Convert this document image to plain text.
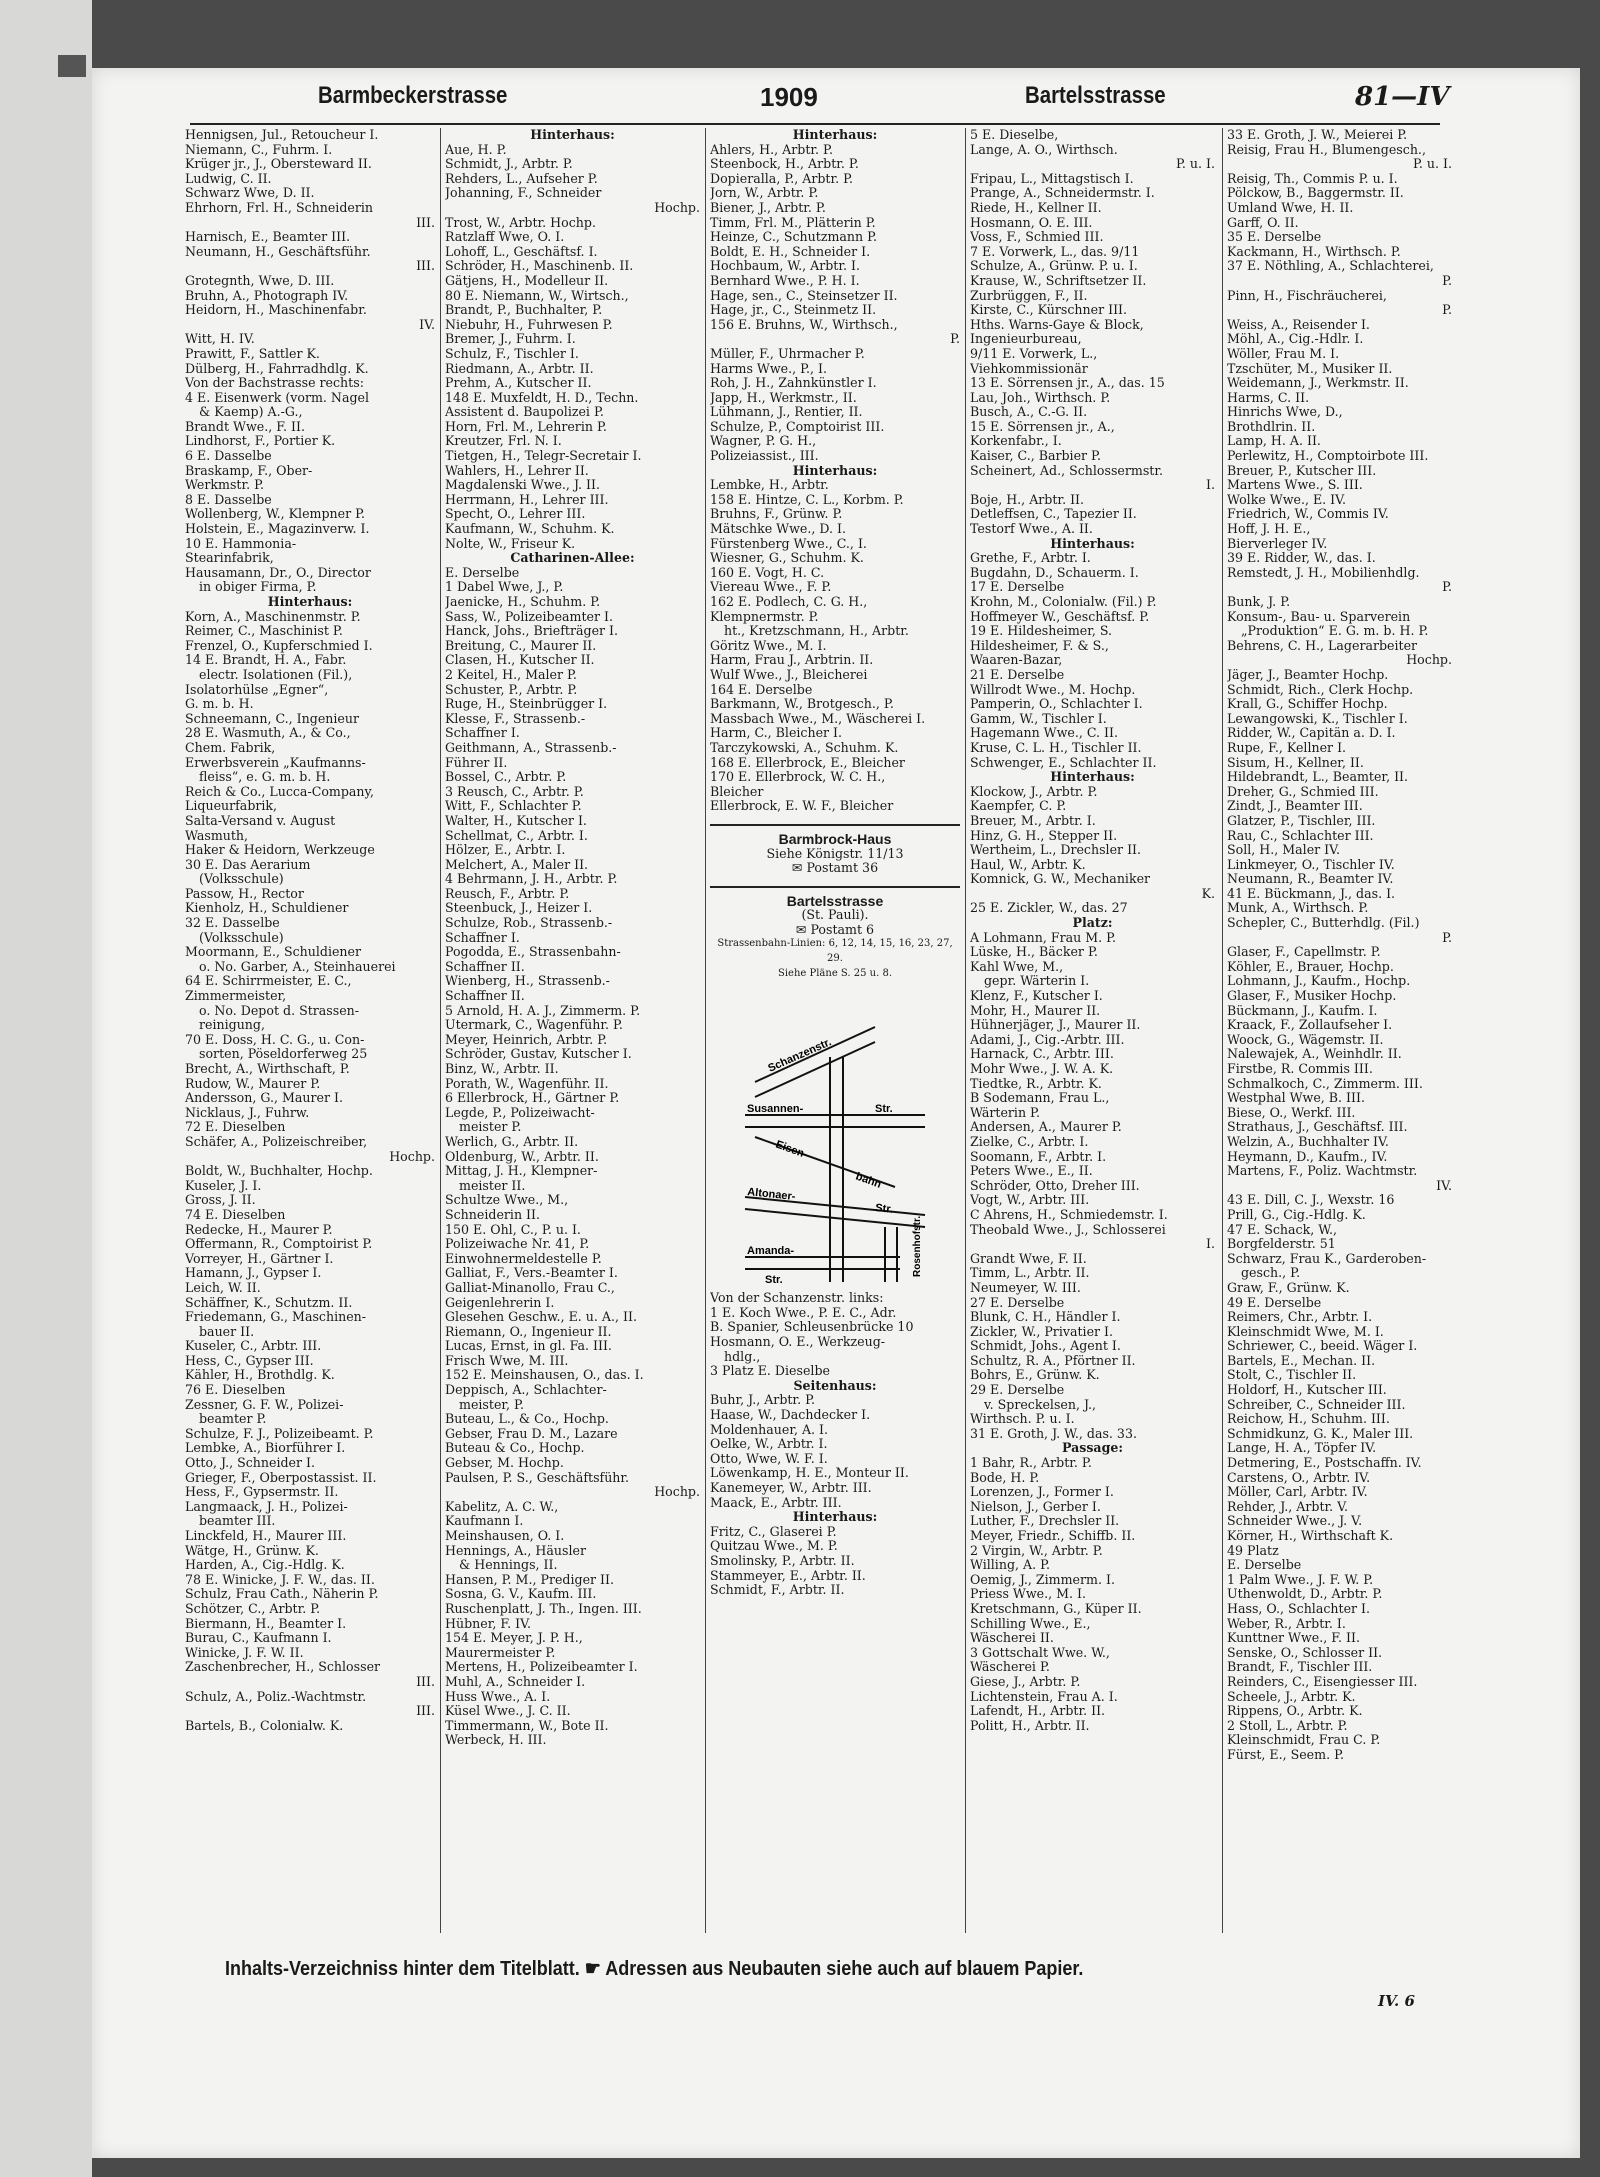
Barmbeckerstrasse	1909	Bartelsstrasse	81—IV
Hennigsen, Jul., Retoucheur I.
Niemann, C., Fuhrm. I.
Krüger jr., J., Obersteward II.
Ludwig, C. II.
Schwarz Wwe, D. II.
Ehrhorn, Frl. H., Schneiderin
III.
Harnisch, E., Beamter III.
Neumann, H., Geschäftsführ.
III.
Grotegnth, Wwe, D. III.
Bruhn, A., Photograph IV.
Heidorn, H., Maschinenfabr.
IV.
Witt, H. IV.
Prawitt, F., Sattler K.
Dülberg, H., Fahrradhdlg. K.
Von der Bachstrasse rechts:
4 E. Eisenwerk (vorm. Nagel
& Kaemp) A.-G.,
Brandt Wwe., F. II.
Lindhorst, F., Portier K.
6 E. Dasselbe
Braskamp, F., Ober-
Werkmstr. P.
8 E. Dasselbe
Wollenberg, W., Klempner P.
Holstein, E., Magazinverw. I.
10 E. Hammonia-
Stearinfabrik,
Hausamann, Dr., O., Director
in obiger Firma, P.
Hinterhaus:
Korn, A., Maschinenmstr. P.
Reimer, C., Maschinist P.
Frenzel, O., Kupferschmied I.
14 E. Brandt, H. A., Fabr.
electr. Isolationen (Fil.),
Isolatorhülse „Egner“,
G. m. b. H.
Schneemann, C., Ingenieur
28 E. Wasmuth, A., & Co.,
Chem. Fabrik,
Erwerbsverein „Kaufmanns-
fleiss“, e. G. m. b. H.
Reich & Co., Lucca-Company,
Liqueurfabrik,
Salta-Versand v. August
Wasmuth,
Haker & Heidorn, Werkzeuge
30 E. Das Aerarium
(Volksschule)
Passow, H., Rector
Kienholz, H., Schuldiener
32 E. Dasselbe
(Volksschule)
Moormann, E., Schuldiener
o. No. Garber, A., Steinhauerei
64 E. Schirrmeister, E. C.,
Zimmermeister,
o. No. Depot d. Strassen-
reinigung,
70 E. Doss, H. C. G., u. Con-
sorten, Pöseldorferweg 25
Brecht, A., Wirthschaft, P.
Rudow, W., Maurer P.
Andersson, G., Maurer I.
Nicklaus, J., Fuhrw.
72 E. Dieselben
Schäfer, A., Polizeischreiber,
Hochp.
Boldt, W., Buchhalter, Hochp.
Kuseler, J. I.
Gross, J. II.
74 E. Dieselben
Redecke, H., Maurer P.
Offermann, R., Comptoirist P.
Vorreyer, H., Gärtner I.
Hamann, J., Gypser I.
Leich, W. II.
Schäffner, K., Schutzm. II.
Friedemann, G., Maschinen-
bauer II.
Kuseler, C., Arbtr. III.
Hess, C., Gypser III.
Kähler, H., Brothdlg. K.
76 E. Dieselben
Zessner, G. F. W., Polizei-
beamter P.
Schulze, F. J., Polizeibeamt. P.
Lembke, A., Biorführer I.
Otto, J., Schneider I.
Grieger, F., Oberpostassist. II.
Hess, F., Gypsermstr. II.
Langmaack, J. H., Polizei-
beamter III.
Linckfeld, H., Maurer III.
Wätge, H., Grünw. K.
Harden, A., Cig.-Hdlg. K.
78 E. Winicke, J. F. W., das. II.
Schulz, Frau Cath., Näherin P.
Schötzer, C., Arbtr. P.
Biermann, H., Beamter I.
Burau, C., Kaufmann I.
Winicke, J. F. W. II.
Zaschenbrecher, H., Schlosser
III.
Schulz, A., Poliz.-Wachtmstr.
III.
Bartels, B., Colonialw. K.
Hinterhaus:
Aue, H. P.
Schmidt, J., Arbtr. P.
Rehders, L., Aufseher P.
Johanning, F., Schneider
Hochp.
Trost, W., Arbtr. Hochp.
Ratzlaff Wwe, O. I.
Lohoff, L., Geschäftsf. I.
Schröder, H., Maschinenb. II.
Gätjens, H., Modelleur II.
80 E. Niemann, W., Wirtsch.,
Brandt, P., Buchhalter, P.
Niebuhr, H., Fuhrwesen P.
Bremer, J., Fuhrm. I.
Schulz, F., Tischler I.
Riedmann, A., Arbtr. II.
Prehm, A., Kutscher II.
148 E. Muxfeldt, H. D., Techn.
Assistent d. Baupolizei P.
Horn, Frl. M., Lehrerin P.
Kreutzer, Frl. N. I.
Tietgen, H., Telegr-Secretair I.
Wahlers, H., Lehrer II.
Magdalenski Wwe., J. II.
Herrmann, H., Lehrer III.
Specht, O., Lehrer III.
Kaufmann, W., Schuhm. K.
Nolte, W., Friseur K.
Catharinen-Allee:
E. Derselbe
1 Dabel Wwe, J., P.
Jaenicke, H., Schuhm. P.
Sass, W., Polizeibeamter I.
Hanck, Johs., Briefträger I.
Breitung, C., Maurer II.
Clasen, H., Kutscher II.
2 Keitel, H., Maler P.
Schuster, P., Arbtr. P.
Ruge, H., Steinbrügger I.
Klesse, F., Strassenb.-
Schaffner I.
Geithmann, A., Strassenb.-
Führer II.
Bossel, C., Arbtr. P.
3 Reusch, C., Arbtr. P.
Witt, F., Schlachter P.
Walter, H., Kutscher I.
Schellmat, C., Arbtr. I.
Hölzer, E., Arbtr. I.
Melchert, A., Maler II.
4 Behrmann, J. H., Arbtr. P.
Reusch, F., Arbtr. P.
Steenbuck, J., Heizer I.
Schulze, Rob., Strassenb.-
Schaffner I.
Pogodda, E., Strassenbahn-
Schaffner II.
Wienberg, H., Strassenb.-
Schaffner II.
5 Arnold, H. A. J., Zimmerm. P.
Utermark, C., Wagenführ. P.
Meyer, Heinrich, Arbtr. P.
Schröder, Gustav, Kutscher I.
Binz, W., Arbtr. II.
Porath, W., Wagenführ. II.
6 Ellerbrock, H., Gärtner P.
Legde, P., Polizeiwacht-
meister P.
Werlich, G., Arbtr. II.
Oldenburg, W., Arbtr. II.
Mittag, J. H., Klempner-
meister II.
Schultze Wwe., M.,
Schneiderin II.
150 E. Ohl, C., P. u. I.
Polizeiwache Nr. 41, P.
Einwohnermeldestelle P.
Galliat, F., Vers.-Beamter I.
Galliat-Minanollo, Frau C.,
Geigenlehrerin I.
Glesehen Geschw., E. u. A., II.
Riemann, O., Ingenieur II.
Lucas, Ernst, in gl. Fa. III.
Frisch Wwe, M. III.
152 E. Meinshausen, O., das. I.
Deppisch, A., Schlachter-
meister, P.
Buteau, L., & Co., Hochp.
Gebser, Frau D. M., Lazare
Buteau & Co., Hochp.
Gebser, M. Hochp.
Paulsen, P. S., Geschäftsführ.
Hochp.
Kabelitz, A. C. W.,
Kaufmann I.
Meinshausen, O. I.
Hennings, A., Häusler
& Hennings, II.
Hansen, P. M., Prediger II.
Sosna, G. V., Kaufm. III.
Ruschenplatt, J. Th., Ingen. III.
Hübner, F. IV.
154 E. Meyer, J. P. H.,
Maurermeister P.
Mertens, H., Polizeibeamter I.
Muhl, A., Schneider I.
Huss Wwe., A. I.
Küsel Wwe., J. C. II.
Timmermann, W., Bote II.
Werbeck, H. III.
Hinterhaus:
Ahlers, H., Arbtr. P.
Steenbock, H., Arbtr. P.
Dopieralla, P., Arbtr. P.
Jorn, W., Arbtr. P.
Biener, J., Arbtr. P.
Timm, Frl. M., Plätterin P.
Heinze, C., Schutzmann P.
Boldt, E. H., Schneider I.
Hochbaum, W., Arbtr. I.
Bernhard Wwe., P. H. I.
Hage, sen., C., Steinsetzer II.
Hage, jr., C., Steinmetz II.
156 E. Bruhns, W., Wirthsch.,
P.
Müller, F., Uhrmacher P.
Harms Wwe., P., I.
Roh, J. H., Zahnkünstler I.
Japp, H., Werkmstr., II.
Lühmann, J., Rentier, II.
Schulze, P., Comptoirist III.
Wagner, P. G. H.,
Polizeiassist., III.
Hinterhaus:
Lembke, H., Arbtr.
158 E. Hintze, C. L., Korbm. P.
Bruhns, F., Grünw. P.
Mätschke Wwe., D. I.
Fürstenberg Wwe., C., I.
Wiesner, G., Schuhm. K.
160 E. Vogt, H. C.
Viereau Wwe., F. P.
162 E. Podlech, C. G. H.,
Klempnermstr. P.
ht., Kretzschmann, H., Arbtr.
Göritz Wwe., M. I.
Harm, Frau J., Arbtrin. II.
Wulf Wwe., J., Bleicherei
164 E. Derselbe
Barkmann, W., Brotgesch., P.
Massbach Wwe., M., Wäscherei I.
Harm, C., Bleicher I.
Tarczykowski, A., Schuhm. K.
168 E. Ellerbrock, E., Bleicher
170 E. Ellerbrock, W. C. H.,
Bleicher
Ellerbrock, E. W. F., Bleicher
Barmbrock-Haus
Siehe Königstr. 11/13
✉ Postamt 36
Bartelsstrasse
(St. Pauli).
✉ Postamt 6
Strassenbahn-Linien: 6, 12, 14, 15, 16, 23, 27, 29.
Siehe Pläne S. 25 u. 8.
Schanzenstr.
Susannen-	Str.
Eisen-
bahn
Altonaer-
Str.
Amanda-
Str.
Rosenhofstr.
Von der Schanzenstr. links:
1 E. Koch Wwe., P. E. C., Adr.
B. Spanier, Schleusenbrücke 10
Hosmann, O. E., Werkzeug-
hdlg.,
3 Platz E. Dieselbe
Seitenhaus:
Buhr, J., Arbtr. P.
Haase, W., Dachdecker I.
Moldenhauer, A. I.
Oelke, W., Arbtr. I.
Otto, Wwe, W. F. I.
Löwenkamp, H. E., Monteur II.
Kanemeyer, W., Arbtr. III.
Maack, E., Arbtr. III.
Hinterhaus:
Fritz, C., Glaserei P.
Quitzau Wwe., M. P.
Smolinsky, P., Arbtr. II.
Stammeyer, E., Arbtr. II.
Schmidt, F., Arbtr. II.
5 E. Dieselbe,
Lange, A. O., Wirthsch.
P. u. I.
Fripau, L., Mittagstisch I.
Prange, A., Schneidermstr. I.
Riede, H., Kellner II.
Hosmann, O. E. III.
Voss, F., Schmied III.
7 E. Vorwerk, L., das. 9/11
Schulze, A., Grünw. P. u. I.
Krause, W., Schriftsetzer II.
Zurbrüggen, F., II.
Kirste, C., Kürschner III.
Hths. Warns-Gaye & Block,
Ingenieurbureau,
9/11 E. Vorwerk, L.,
Viehkommissionär
13 E. Sörrensen jr., A., das. 15
Lau, Joh., Wirthsch. P.
Busch, A., C.-G. II.
15 E. Sörrensen jr., A.,
Korkenfabr., I.
Kaiser, C., Barbier P.
Scheinert, Ad., Schlossermstr.
I.
Boje, H., Arbtr. II.
Detleffsen, C., Tapezier II.
Testorf Wwe., A. II.
Hinterhaus:
Grethe, F., Arbtr. I.
Bugdahn, D., Schauerm. I.
17 E. Derselbe
Krohn, M., Colonialw. (Fil.) P.
Hoffmeyer W., Geschäftsf. P.
19 E. Hildesheimer, S.
Hildesheimer, F. & S.,
Waaren-Bazar,
21 E. Derselbe
Willrodt Wwe., M. Hochp.
Pamperin, O., Schlachter I.
Gamm, W., Tischler I.
Hagemann Wwe., C. II.
Kruse, C. L. H., Tischler II.
Schwenger, E., Schlachter II.
Hinterhaus:
Klockow, J., Arbtr. P.
Kaempfer, C. P.
Breuer, M., Arbtr. I.
Hinz, G. H., Stepper II.
Wertheim, L., Drechsler II.
Haul, W., Arbtr. K.
Komnick, G. W., Mechaniker
K.
25 E. Zickler, W., das. 27
Platz:
A Lohmann, Frau M. P.
Lüske, H., Bäcker P.
Kahl Wwe, M.,
gepr. Wärterin I.
Klenz, F., Kutscher I.
Mohr, H., Maurer II.
Hühnerjäger, J., Maurer II.
Adami, J., Cig.-Arbtr. III.
Harnack, C., Arbtr. III.
Mohr Wwe., J. W. A. K.
Tiedtke, R., Arbtr. K.
B Sodemann, Frau L.,
Wärterin P.
Andersen, A., Maurer P.
Zielke, C., Arbtr. I.
Soomann, F., Arbtr. I.
Peters Wwe., E., II.
Schröder, Otto, Dreher III.
Vogt, W., Arbtr. III.
C Ahrens, H., Schmiedemstr. I.
Theobald Wwe., J., Schlosserei
I.
Grandt Wwe, F. II.
Timm, L., Arbtr. II.
Neumeyer, W. III.
27 E. Derselbe
Blunk, C. H., Händler I.
Zickler, W., Privatier I.
Schmidt, Johs., Agent I.
Schultz, R. A., Pförtner II.
Bohrs, E., Grünw. K.
29 E. Derselbe
v. Spreckelsen, J.,
Wirthsch. P. u. I.
31 E. Groth, J. W., das. 33.
Passage:
1 Bahr, R., Arbtr. P.
Bode, H. P.
Lorenzen, J., Former I.
Nielson, J., Gerber I.
Luther, F., Drechsler II.
Meyer, Friedr., Schiffb. II.
2 Virgin, W., Arbtr. P.
Willing, A. P.
Oemig, J., Zimmerm. I.
Priess Wwe., M. I.
Kretschmann, G., Küper II.
Schilling Wwe., E.,
Wäscherei II.
3 Gottschalt Wwe. W.,
Wäscherei P.
Giese, J., Arbtr. P.
Lichtenstein, Frau A. I.
Lafendt, H., Arbtr. II.
Politt, H., Arbtr. II.
33 E. Groth, J. W., Meierei P.
Reisig, Frau H., Blumengesch.,
P. u. I.
Reisig, Th., Commis P. u. I.
Pölckow, B., Baggermstr. II.
Umland Wwe, H. II.
Garff, O. II.
35 E. Derselbe
Kackmann, H., Wirthsch. P.
37 E. Nöthling, A., Schlachterei,
P.
Pinn, H., Fischräucherei,
P.
Weiss, A., Reisender I.
Möhl, A., Cig.-Hdlr. I.
Wöller, Frau M. I.
Tzschüter, M., Musiker II.
Weidemann, J., Werkmstr. II.
Harms, C. II.
Hinrichs Wwe, D.,
Brothdlrin. II.
Lamp, H. A. II.
Perlewitz, H., Comptoirbote III.
Breuer, P., Kutscher III.
Martens Wwe., S. III.
Wolke Wwe., E. IV.
Friedrich, W., Commis IV.
Hoff, J. H. E.,
Bierverleger IV.
39 E. Ridder, W., das. I.
Remstedt, J. H., Mobilienhdlg.
P.
Bunk, J. P.
Konsum-, Bau- u. Sparverein
„Produktion“ E. G. m. b. H. P.
Behrens, C. H., Lagerarbeiter
Hochp.
Jäger, J., Beamter Hochp.
Schmidt, Rich., Clerk Hochp.
Krall, G., Schiffer Hochp.
Lewangowski, K., Tischler I.
Ridder, W., Capitän a. D. I.
Rupe, F., Kellner I.
Sisum, H., Kellner, II.
Hildebrandt, L., Beamter, II.
Dreher, G., Schmied III.
Zindt, J., Beamter III.
Glatzer, P., Tischler, III.
Rau, C., Schlachter III.
Soll, H., Maler IV.
Linkmeyer, O., Tischler IV.
Neumann, R., Beamter IV.
41 E. Bückmann, J., das. I.
Munk, A., Wirthsch. P.
Schepler, C., Butterhdlg. (Fil.)
P.
Glaser, F., Capellmstr. P.
Köhler, E., Brauer, Hochp.
Lohmann, J., Kaufm., Hochp.
Glaser, F., Musiker Hochp.
Bückmann, J., Kaufm. I.
Kraack, F., Zollaufseher I.
Woock, G., Wägemstr. II.
Nalewajek, A., Weinhdlr. II.
Firstbe, R. Commis III.
Schmalkoch, C., Zimmerm. III.
Westphal Wwe, B. III.
Biese, O., Werkf. III.
Strathaus, J., Geschäftsf. III.
Welzin, A., Buchhalter IV.
Heymann, D., Kaufm., IV.
Martens, F., Poliz. Wachtmstr.
IV.
43 E. Dill, C. J., Wexstr. 16
Prill, G., Cig.-Hdlg. K.
47 E. Schack, W.,
Borgfelderstr. 51
Schwarz, Frau K., Garderoben-
gesch., P.
Graw, F., Grünw. K.
49 E. Derselbe
Reimers, Chr., Arbtr. I.
Kleinschmidt Wwe, M. I.
Schriewer, C., beeid. Wäger I.
Bartels, E., Mechan. II.
Stolt, C., Tischler II.
Holdorf, H., Kutscher III.
Schreiber, C., Schneider III.
Reichow, H., Schuhm. III.
Schmidkunz, G. K., Maler III.
Lange, H. A., Töpfer IV.
Detmering, E., Postschaffn. IV.
Carstens, O., Arbtr. IV.
Möller, Carl, Arbtr. IV.
Rehder, J., Arbtr. V.
Schneider Wwe., J. V.
Körner, H., Wirthschaft K.
49 Platz
E. Derselbe
1 Palm Wwe., J. F. W. P.
Uthenwoldt, D., Arbtr. P.
Hass, O., Schlachter I.
Weber, R., Arbtr. I.
Kunttner Wwe., F. II.
Senske, O., Schlosser II.
Brandt, F., Tischler III.
Reinders, C., Eisengiesser III.
Scheele, J., Arbtr. K.
Rippens, O., Arbtr. K.
2 Stoll, L., Arbtr. P.
Kleinschmidt, Frau C. P.
Fürst, E., Seem. P.
Inhalts-Verzeichniss hinter dem Titelblatt. ☛ Adressen aus Neubauten siehe auch auf blauem Papier.
IV. 6
